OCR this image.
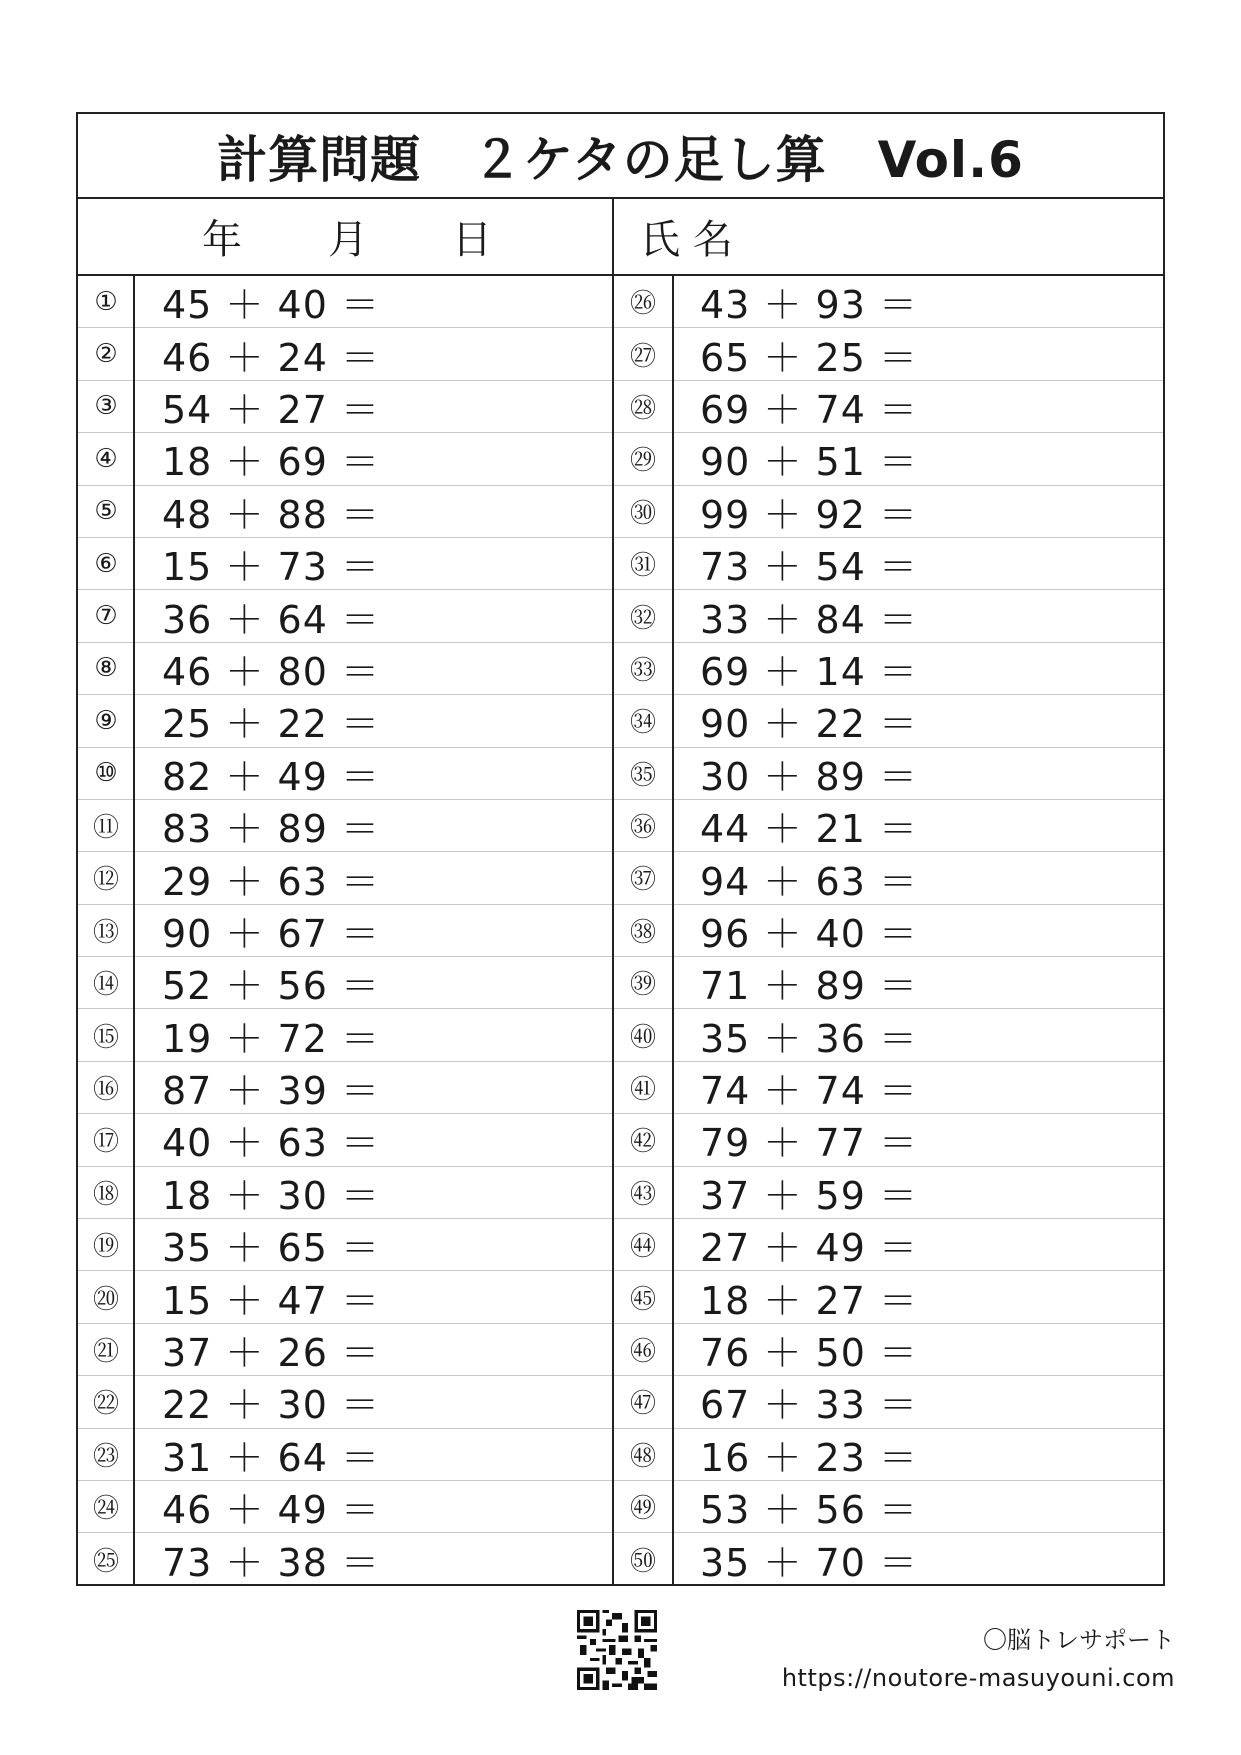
計算問題　２ケタの足し算　Vol.6
年 月 日	氏 名
①	45 ＋ 40 ＝
②	46 ＋ 24 ＝
③	54 ＋ 27 ＝
④	18 ＋ 69 ＝
⑤	48 ＋ 88 ＝
⑥	15 ＋ 73 ＝
⑦	36 ＋ 64 ＝
⑧	46 ＋ 80 ＝
⑨	25 ＋ 22 ＝
⑩	82 ＋ 49 ＝
⑪	83 ＋ 89 ＝
⑫	29 ＋ 63 ＝
⑬	90 ＋ 67 ＝
⑭	52 ＋ 56 ＝
⑮	19 ＋ 72 ＝
⑯	87 ＋ 39 ＝
⑰	40 ＋ 63 ＝
⑱	18 ＋ 30 ＝
⑲	35 ＋ 65 ＝
⑳	15 ＋ 47 ＝
㉑	37 ＋ 26 ＝
㉒	22 ＋ 30 ＝
㉓	31 ＋ 64 ＝
㉔	46 ＋ 49 ＝
㉕	73 ＋ 38 ＝
㉖	43 ＋ 93 ＝
㉗	65 ＋ 25 ＝
㉘	69 ＋ 74 ＝
㉙	90 ＋ 51 ＝
㉚	99 ＋ 92 ＝
㉛	73 ＋ 54 ＝
㉜	33 ＋ 84 ＝
㉝	69 ＋ 14 ＝
㉞	90 ＋ 22 ＝
㉟	30 ＋ 89 ＝
㊱	44 ＋ 21 ＝
㊲	94 ＋ 63 ＝
㊳	96 ＋ 40 ＝
㊴	71 ＋ 89 ＝
㊵	35 ＋ 36 ＝
㊶	74 ＋ 74 ＝
㊷	79 ＋ 77 ＝
㊸	37 ＋ 59 ＝
㊹	27 ＋ 49 ＝
㊺	18 ＋ 27 ＝
㊻	76 ＋ 50 ＝
㊼	67 ＋ 33 ＝
㊽	16 ＋ 23 ＝
㊾	53 ＋ 56 ＝
㊿	35 ＋ 70 ＝
〇脳トレサポート
https://noutore-masuyouni.com
